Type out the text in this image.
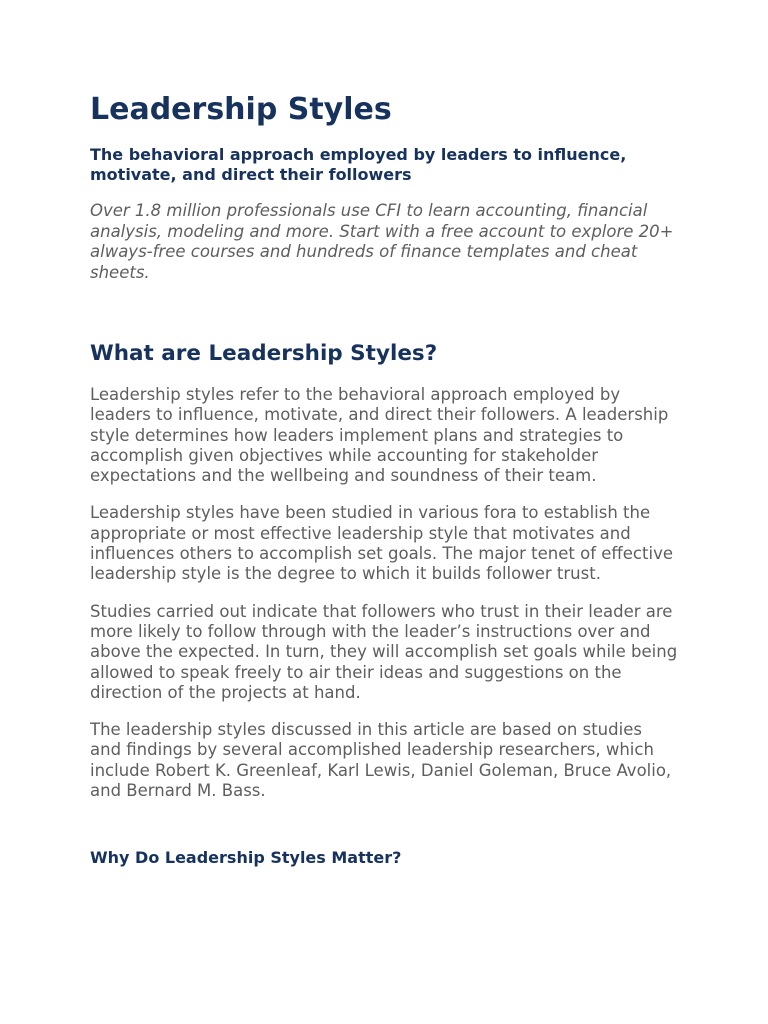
Leadership Styles

The behavioral approach employed by leaders to influence, motivate, and direct their followers

Over 1.8 million professionals use CFI to learn accounting, financial analysis, modeling and more. Start with a free account to explore 20+ always-free courses and hundreds of finance templates and cheat sheets.

What are Leadership Styles?

Leadership styles refer to the behavioral approach employed by leaders to influence, motivate, and direct their followers. A leadership style determines how leaders implement plans and strategies to accomplish given objectives while accounting for stakeholder expectations and the wellbeing and soundness of their team.

Leadership styles have been studied in various fora to establish the appropriate or most effective leadership style that motivates and influences others to accomplish set goals. The major tenet of effective leadership style is the degree to which it builds follower trust.

Studies carried out indicate that followers who trust in their leader are more likely to follow through with the leader’s instructions over and above the expected. In turn, they will accomplish set goals while being allowed to speak freely to air their ideas and suggestions on the direction of the projects at hand.

The leadership styles discussed in this article are based on studies and findings by several accomplished leadership researchers, which include Robert K. Greenleaf, Karl Lewis, Daniel Goleman, Bruce Avolio, and Bernard M. Bass.

Why Do Leadership Styles Matter?
